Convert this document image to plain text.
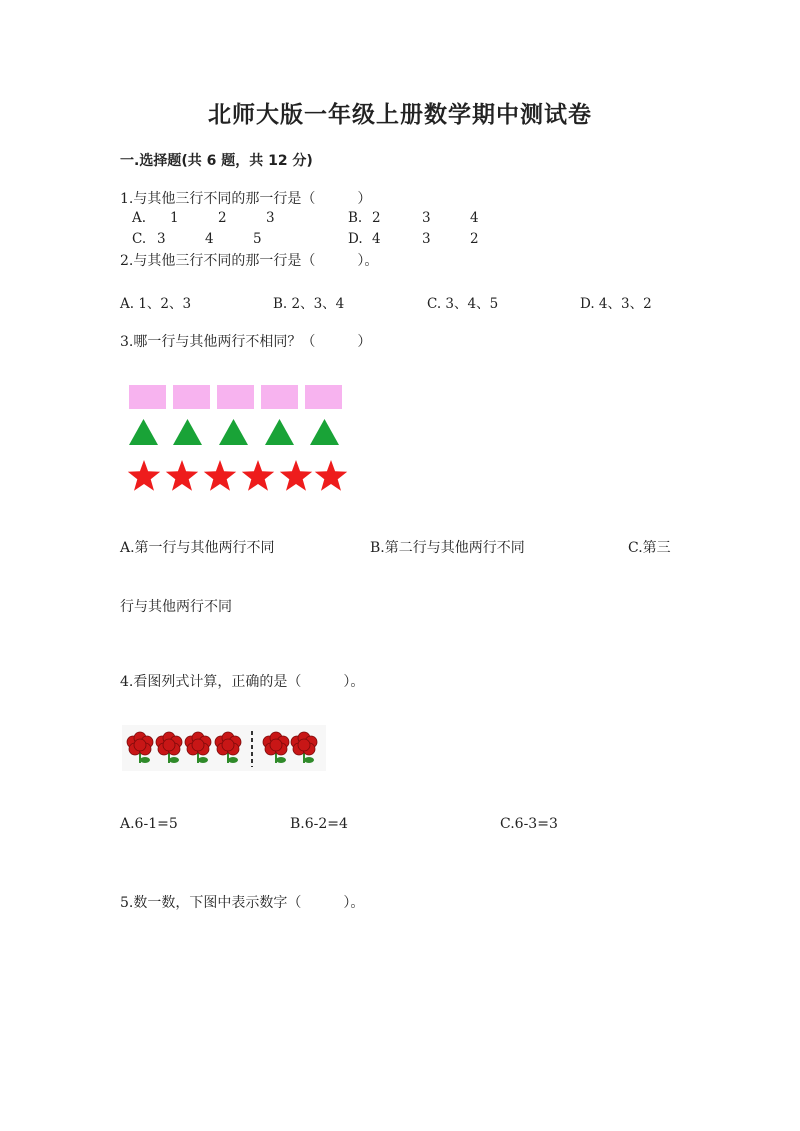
北师大版一年级上册数学期中测试卷
一.选择题(共 6 题，共 12 分)
1.与其他三行不同的那一行是（　　　）
A. 1	2	3	B. 2	3	4
C. 3	4	5	D. 4	3	2
2.与其他三行不同的那一行是（　　　）。
A. 1、2、3	B. 2、3、4	C. 3、4、5	D. 4、3、2
3.哪一行与其他两行不相同？（　　　）
A.第一行与其他两行不同	B.第二行与其他两行不同	C.第三
行与其他两行不同
4.看图列式计算，正确的是（　　　）。
A.6-1=5	B.6-2=4	C.6-3=3
5.数一数，下图中表示数字（　　　）。
